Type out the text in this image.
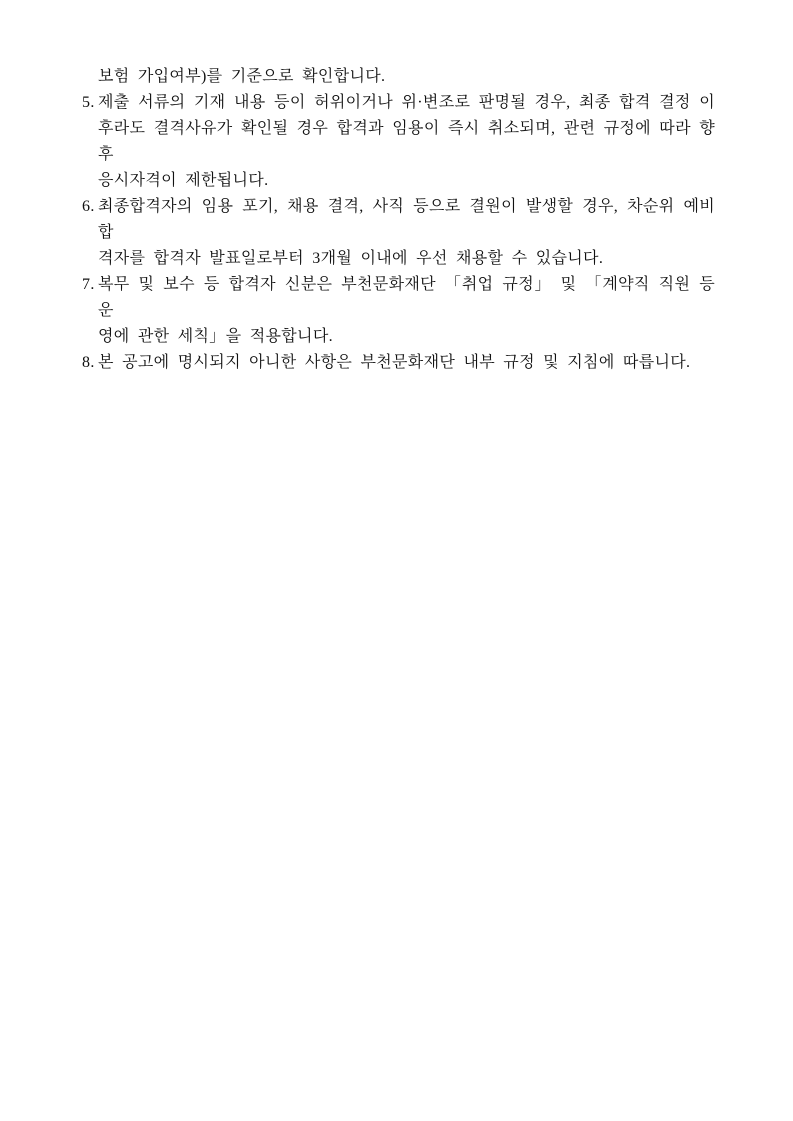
보험 가입여부)를 기준으로 확인합니다.
5. 제출 서류의 기재 내용 등이 허위이거나 위·변조로 판명될 경우, 최종 합격 결정 이
후라도 결격사유가 확인될 경우 합격과 임용이 즉시 취소되며, 관련 규정에 따라 향후
응시자격이 제한됩니다.
6. 최종합격자의 임용 포기, 채용 결격, 사직 등으로 결원이 발생할 경우, 차순위 예비합
격자를 합격자 발표일로부터 3개월 이내에 우선 채용할 수 있습니다.
7. 복무 및 보수 등 합격자 신분은 부천문화재단 「취업 규정」 및 「계약직 직원 등 운
영에 관한 세칙」을 적용합니다.
8. 본 공고에 명시되지 아니한 사항은 부천문화재단 내부 규정 및 지침에 따릅니다.
